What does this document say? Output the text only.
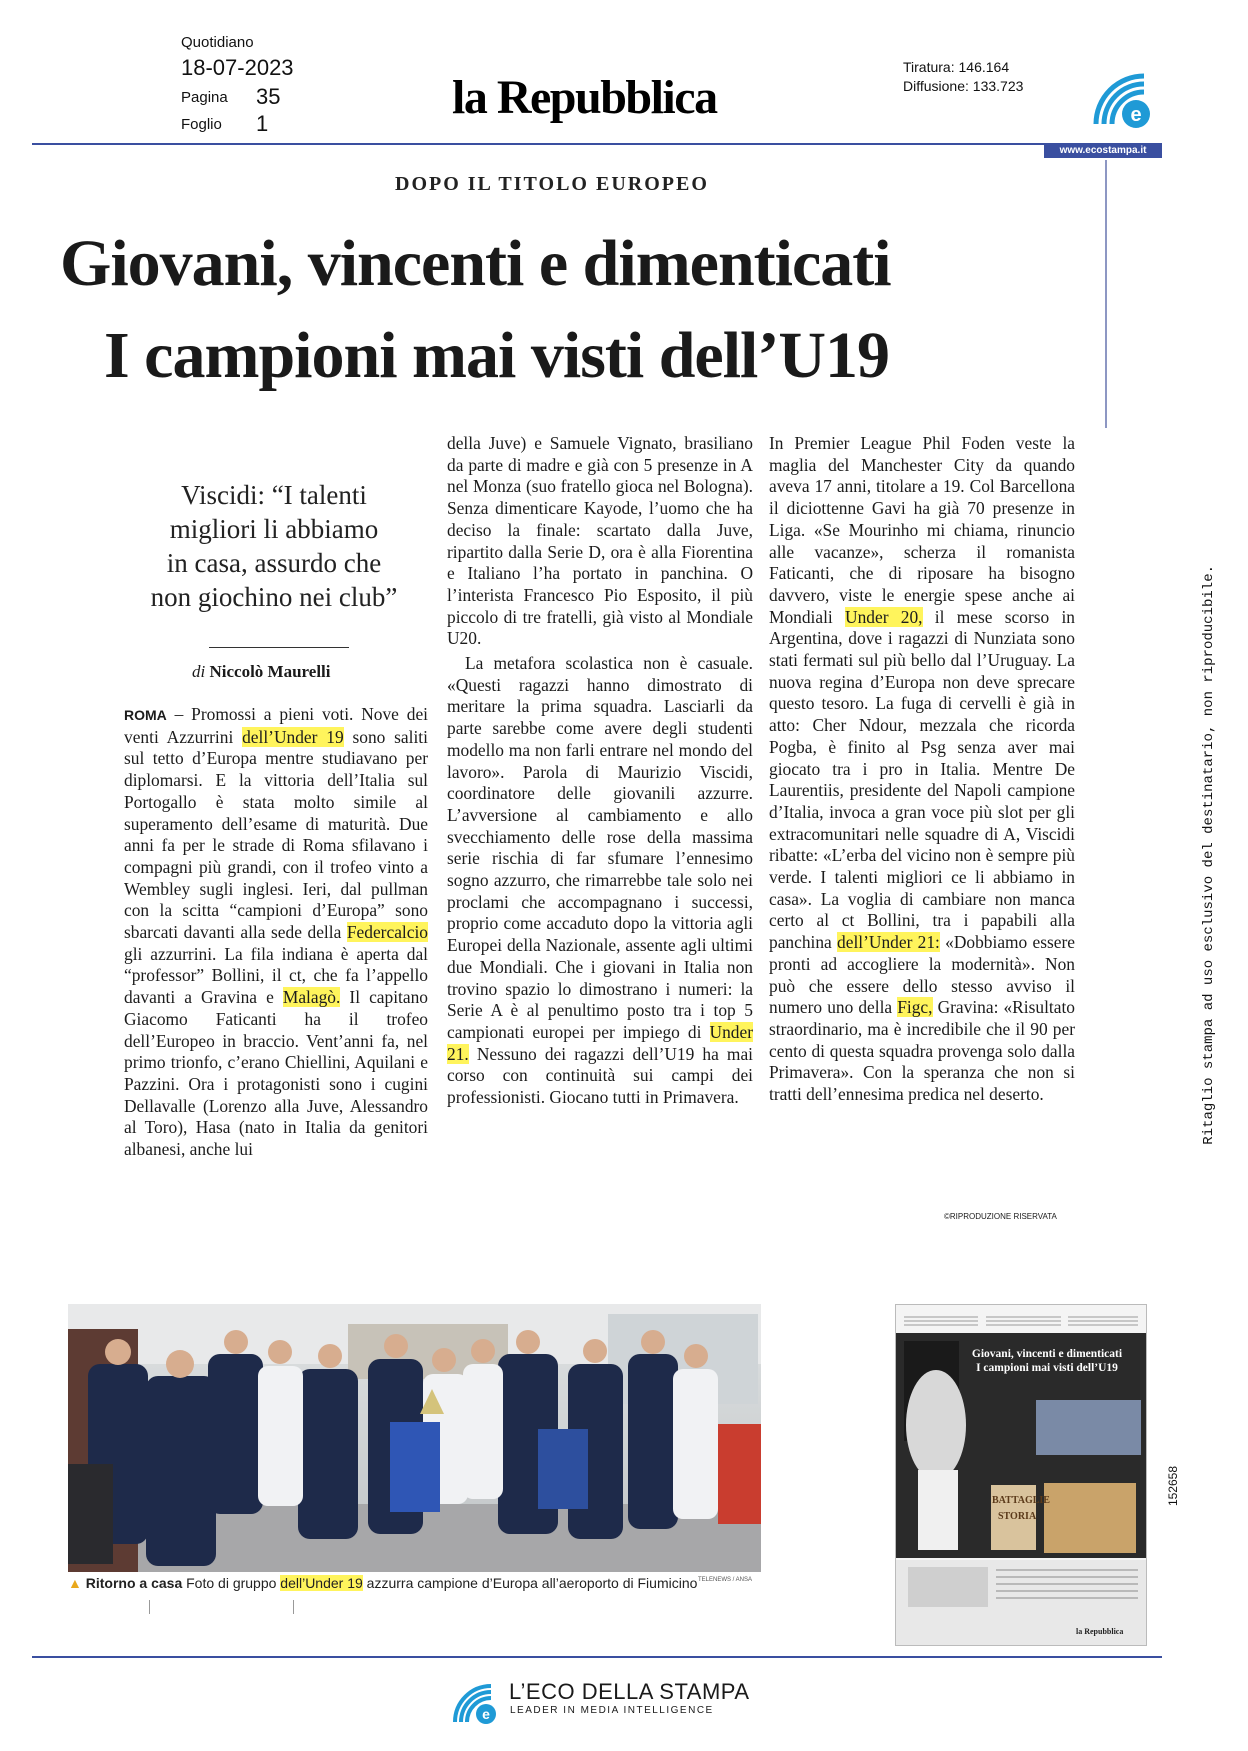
Quotidiano
18-07-2023
Pagina 35
Foglio 1	la Repubblica
Tiratura: 146.164
Diffusione: 133.723
e
www.ecostampa.it
DOPO IL TITOLO EUROPEO
Giovani, vincenti e dimenticati
I campioni mai visti dell’U19
Viscidi: “I talenti
migliori li abbiamo
in casa, assurdo che
non giochino nei club”
di Niccolò Maurelli

ROMA – Promossi a pieni voti. Nove dei venti Azzurrini dell’Under 19 sono saliti sul tetto d’Europa mentre studiavano per diplomarsi. E la vittoria dell’Italia sul Portogallo è stata molto simile al superamento dell’esame di maturità. Due anni fa per le strade di Roma sfilavano i compagni più grandi, con il trofeo vinto a Wembley sugli inglesi. Ieri, dal pullman con la scitta “campioni d’Europa” sono sbarcati davanti alla sede della Federcalcio gli azzurrini. La fila indiana è aperta dal “professor” Bollini, il ct, che fa l’appello davanti a Gravina e Malagò. Il capitano Giacomo Faticanti ha il trofeo dell’Europeo in braccio. Vent’anni fa, nel primo trionfo, c’erano Chiellini, Aquilani e Pazzini. Ora i protagonisti sono i cugini Dellavalle (Lorenzo alla Juve, Alessandro al Toro), Hasa (nato in Italia da genitori albanesi, anche lui

della Juve) e Samuele Vignato, brasiliano da parte di madre e già con 5 presenze in A nel Monza (suo fratello gioca nel Bologna). Senza dimenticare Kayode, l’uomo che ha deciso la finale: scartato dalla Juve, ripartito dalla Serie D, ora è alla Fiorentina e Italiano l’ha portato in panchina. O l’interista Francesco Pio Esposito, il più piccolo di tre fratelli, già visto al Mondiale U20.

La metafora scolastica non è casuale. «Questi ragazzi hanno dimostrato di meritare la prima squadra. Lasciarli da parte sarebbe come avere degli studenti modello ma non farli entrare nel mondo del lavoro». Parola di Maurizio Viscidi, coordinatore delle giovanili azzurre. L’avversione al cambiamento e allo svecchiamento delle rose della massima serie rischia di far sfumare l’ennesimo sogno azzurro, che rimarrebbe tale solo nei proclami che accompagnano i successi, proprio come accaduto dopo la vittoria agli Europei della Nazionale, assente agli ultimi due Mondiali. Che i giovani in Italia non trovino spazio lo dimostrano i numeri: la Serie A è al penultimo posto tra i top 5 campionati europei per impiego di Under 21. Nessuno dei ragazzi dell’U19 ha mai corso con continuità sui campi dei professionisti. Giocano tutti in Primavera.

In Premier League Phil Foden veste la maglia del Manchester City da quando aveva 17 anni, titolare a 19. Col Barcellona il diciottenne Gavi ha già 70 presenze in Liga. «Se Mourinho mi chiama, rinuncio alle vacanze», scherza il romanista Faticanti, che di riposare ha bisogno davvero, viste le energie spese anche ai Mondiali Under 20, il mese scorso in Argentina, dove i ragazzi di Nunziata sono stati fermati sul più bello dal l’Uruguay. La nuova regina d’Europa non deve sprecare questo tesoro. La fuga di cervelli è già in atto: Cher Ndour, mezzala che ricorda Pogba, è finito al Psg senza aver mai giocato tra i pro in Italia. Mentre De Laurentiis, presidente del Napoli campione d’Italia, invoca a gran voce più slot per gli extracomunitari nelle squadre di A, Viscidi ribatte: «L’erba del vicino non è sempre più verde. I talenti migliori ce li abbiamo in casa». La voglia di cambiare non manca certo al ct Bollini, tra i papabili alla panchina dell’Under 21: «Dobbiamo essere pronti ad accogliere la modernità». Non può che essere dello stesso avviso il numero uno della Figc, Gravina: «Risultato straordinario, ma è incredibile che il 90 per cento di questa squadra provenga solo dalla Primavera». Con la speranza che non si tratti dell’ennesima predica nel deserto.

©RIPRODUZIONE RISERVATA
Ritaglio stampa ad uso esclusivo del destinatario, non riproducibile.
152658
▲ Ritorno a casa Foto di gruppo dell’Under 19 azzurra campione d’Europa all’aeroporto di Fiumicino TELENEWS / ANSA
Giovani, vincenti e dimenticati
I campioni mai visti dell’U19
BATTAGLIE
STORIA
la Repubblica
e
L’ECO DELLA STAMPA
LEADER IN MEDIA INTELLIGENCE
